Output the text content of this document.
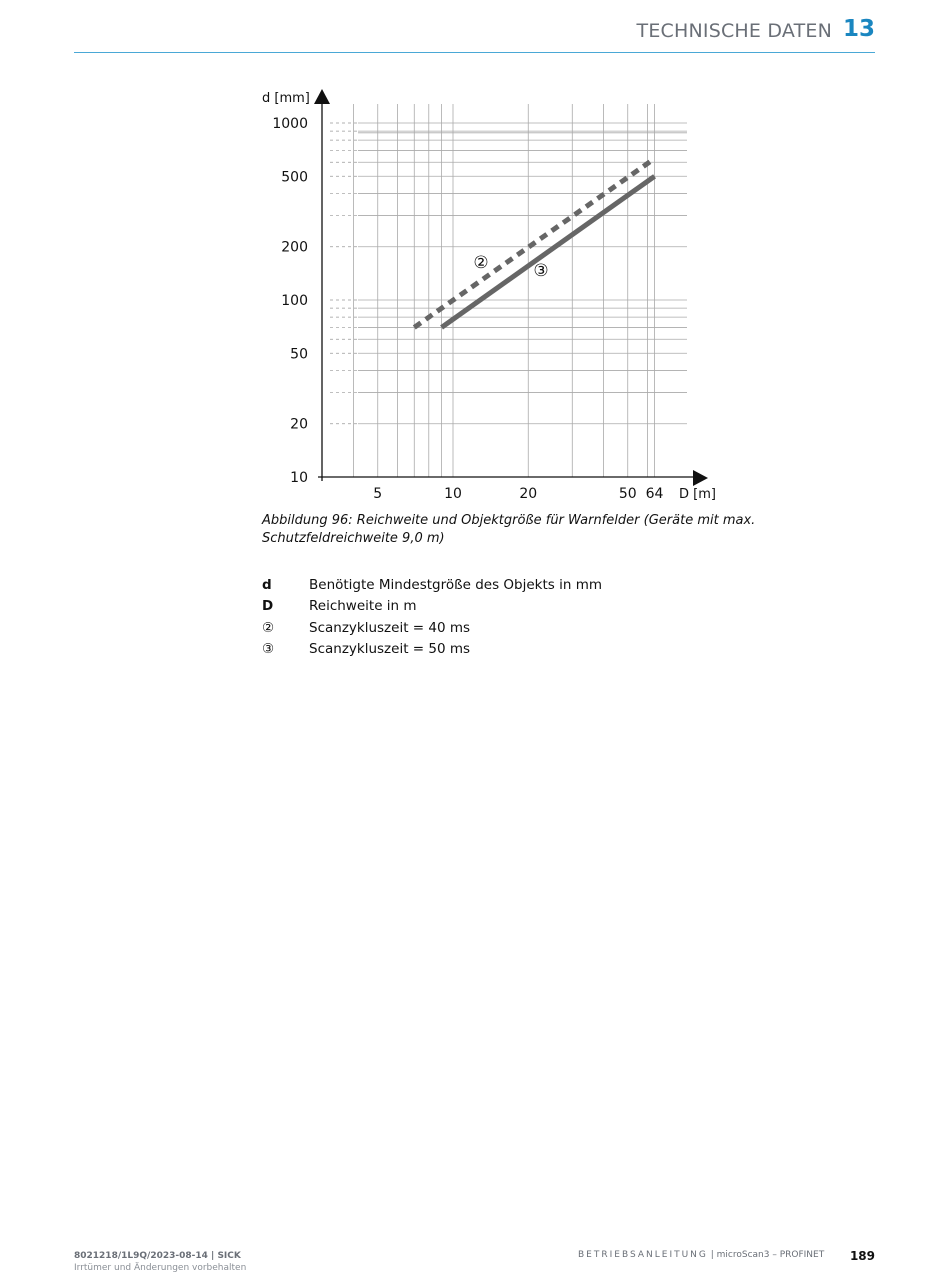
TECHNISCHE DATEN 13
10
20
50
100
200
500
1000
5	10	20	50 64
d [mm]
D [m]
②	③
Abbildung 96: Reichweite und Objektgröße für Warnfelder (Geräte mit max. Schutzfeldreichweite 9,0 m)
d	Benötigte Mindestgröße des Objekts in mm
D	Reichweite in m
②	Scanzykluszeit = 40 ms
③	Scanzykluszeit = 50 ms
8021218/1L9Q/2023-08-14 | SICK
Irrtümer und Änderungen vorbehalten
BETRIEBSANLEITUNG | microScan3 – PROFINET 189
